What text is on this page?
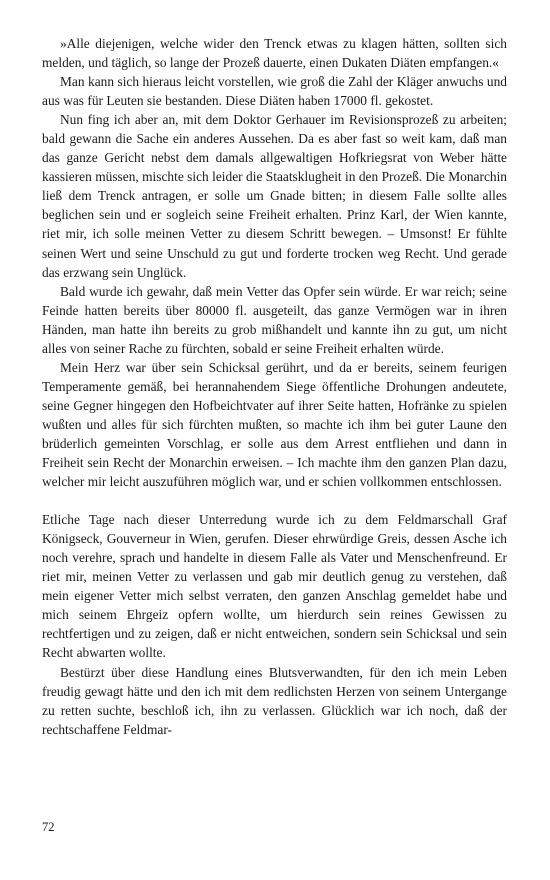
»Alle diejenigen, welche wider den Trenck etwas zu klagen hätten, sollten sich melden, und täglich, so lange der Prozeß dauerte, einen Dukaten Diäten empfangen.«

Man kann sich hieraus leicht vorstellen, wie groß die Zahl der Kläger anwuchs und aus was für Leuten sie bestanden. Diese Diäten haben 17000 fl. gekostet.

Nun fing ich aber an, mit dem Doktor Gerhauer im Revisionsprozeß zu arbeiten; bald gewann die Sache ein anderes Aussehen. Da es aber fast so weit kam, daß man das ganze Gericht nebst dem damals allgewaltigen Hofkriegsrat von Weber hätte kassieren müssen, mischte sich leider die Staatsklugheit in den Prozeß. Die Monarchin ließ dem Trenck antragen, er solle um Gnade bitten; in diesem Falle sollte alles beglichen sein und er sogleich seine Freiheit erhalten. Prinz Karl, der Wien kannte, riet mir, ich solle meinen Vetter zu diesem Schritt bewegen. – Umsonst! Er fühlte seinen Wert und seine Unschuld zu gut und forderte trocken weg Recht. Und gerade das erzwang sein Unglück.

Bald wurde ich gewahr, daß mein Vetter das Opfer sein würde. Er war reich; seine Feinde hatten bereits über 80000 fl. ausgeteilt, das ganze Vermögen war in ihren Händen, man hatte ihn bereits zu grob mißhandelt und kannte ihn zu gut, um nicht alles von seiner Rache zu fürchten, sobald er seine Freiheit erhalten würde.

Mein Herz war über sein Schicksal gerührt, und da er bereits, seinem feurigen Temperamente gemäß, bei herannahendem Siege öffentliche Drohungen andeutete, seine Gegner hingegen den Hofbeichtvater auf ihrer Seite hatten, Hofränke zu spielen wußten und alles für sich fürchten mußten, so machte ich ihm bei guter Laune den brüderlich gemeinten Vorschlag, er solle aus dem Arrest entfliehen und dann in Freiheit sein Recht der Monarchin erweisen. – Ich machte ihm den ganzen Plan dazu, welcher mir leicht auszuführen möglich war, und er schien vollkommen entschlossen.

Etliche Tage nach dieser Unterredung wurde ich zu dem Feldmarschall Graf Königseck, Gouverneur in Wien, gerufen. Dieser ehrwürdige Greis, dessen Asche ich noch verehre, sprach und handelte in diesem Falle als Vater und Menschenfreund. Er riet mir, meinen Vetter zu verlassen und gab mir deutlich genug zu verstehen, daß mein eigener Vetter mich selbst verraten, den ganzen Anschlag gemeldet habe und mich seinem Ehrgeiz opfern wollte, um hierdurch sein reines Gewissen zu rechtfertigen und zu zeigen, daß er nicht entweichen, sondern sein Schicksal und sein Recht abwarten wollte.

Bestürzt über diese Handlung eines Blutsverwandten, für den ich mein Leben freudig gewagt hätte und den ich mit dem redlichsten Herzen von seinem Untergange zu retten suchte, beschloß ich, ihn zu verlassen. Glücklich war ich noch, daß der rechtschaffene Feldmar-

72
